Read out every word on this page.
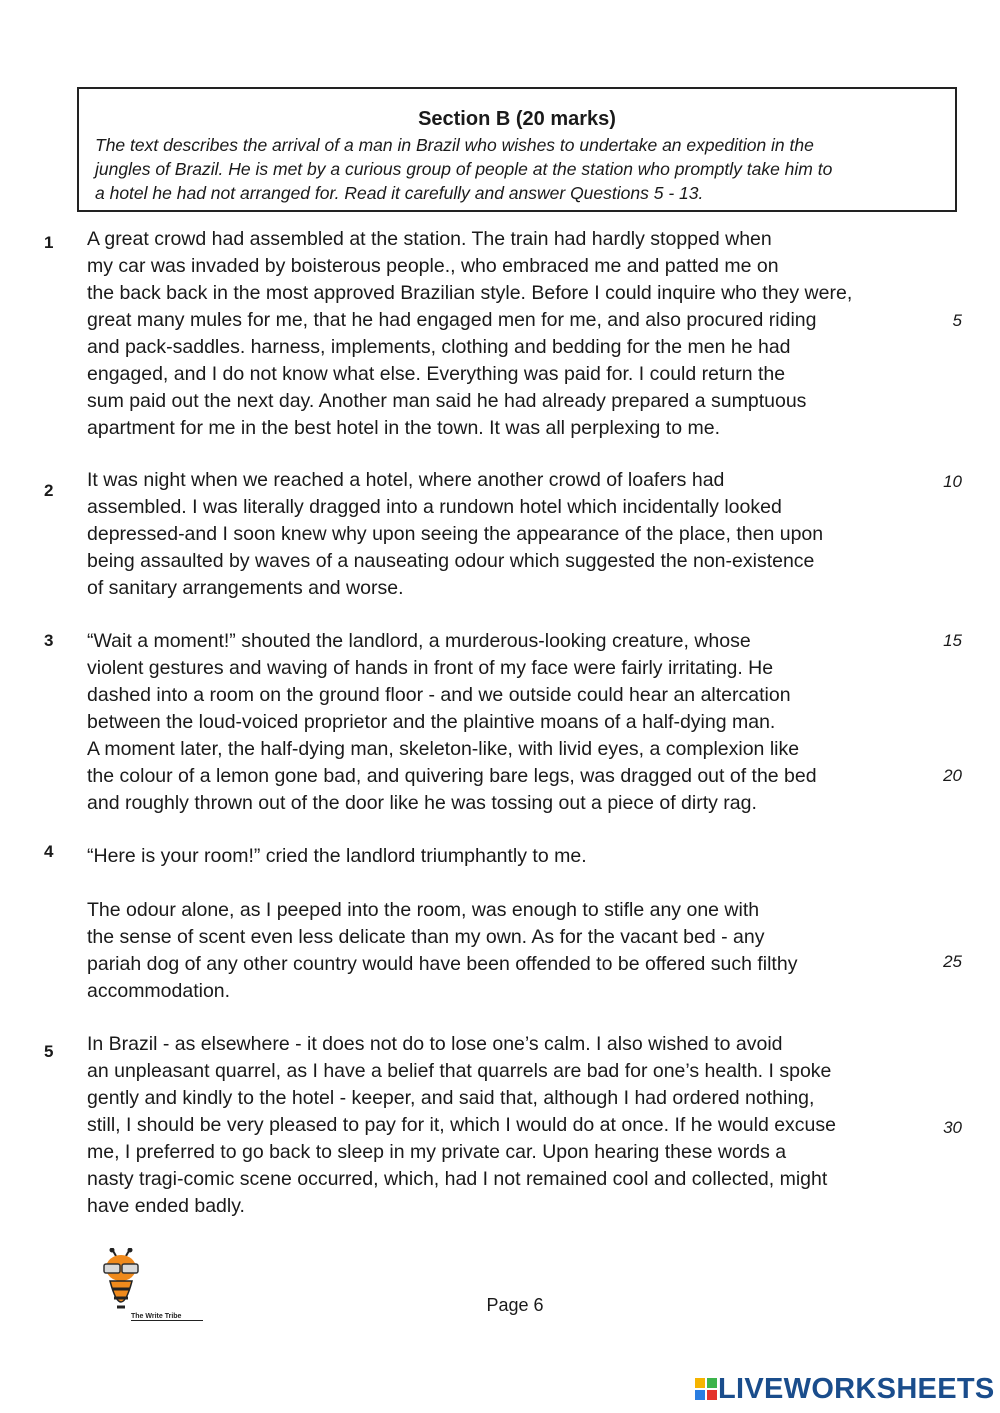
Section B (20 marks)
The text describes the arrival of a man in Brazil who wishes to undertake an expedition in the
jungles of Brazil. He is met by a curious group of people at the station who promptly take him to
a hotel he had not arranged for. Read it carefully and answer Questions 5 - 13.
1 A great crowd had assembled at the station. The train had hardly stopped when
my car was invaded by boisterous people., who embraced me and patted me on
the back back in the most approved Brazilian style. Before I could inquire who they were,
great many mules for me, that he had engaged men for me, and also procured riding
and pack-saddles. harness, implements, clothing and bedding for the men he had
engaged, and I do not know what else. Everything was paid for. I could return the
sum paid out the next day. Another man said he had already prepared a sumptuous
apartment for me in the best hotel in the town. It was all perplexing to me.
5
2 It was night when we reached a hotel, where another crowd of loafers had
assembled. I was literally dragged into a rundown hotel which incidentally looked
depressed-and I soon knew why upon seeing the appearance of the place, then upon
being assaulted by waves of a nauseating odour which suggested the non-existence
of sanitary arrangements and worse.
10
3 “Wait a moment!” shouted the landlord, a murderous-looking creature, whose
violent gestures and waving of hands in front of my face were fairly irritating. He
dashed into a room on the ground floor - and we outside could hear an altercation
between the loud-voiced proprietor and the plaintive moans of a half-dying man.
A moment later, the half-dying man, skeleton-like, with livid eyes, a complexion like
the colour of a lemon gone bad, and quivering bare legs, was dragged out of the bed
and roughly thrown out of the door like he was tossing out a piece of dirty rag.
15
20
4 “Here is your room!” cried the landlord triumphantly to me.
The odour alone, as I peeped into the room, was enough to stifle any one with
the sense of scent even less delicate than my own. As for the vacant bed - any
pariah dog of any other country would have been offended to be offered such filthy
accommodation.
25
5 In Brazil - as elsewhere - it does not do to lose one’s calm. I also wished to avoid
an unpleasant quarrel, as I have a belief that quarrels are bad for one’s health. I spoke
gently and kindly to the hotel - keeper, and said that, although I had ordered nothing,
still, I should be very pleased to pay for it, which I would do at once. If he would excuse
me, I preferred to go back to sleep in my private car. Upon hearing these words a
nasty tragi-comic scene occurred, which, had I not remained cool and collected, might
have ended badly.
30
The Write Tribe
Page 6
LIVEWORKSHEETS
